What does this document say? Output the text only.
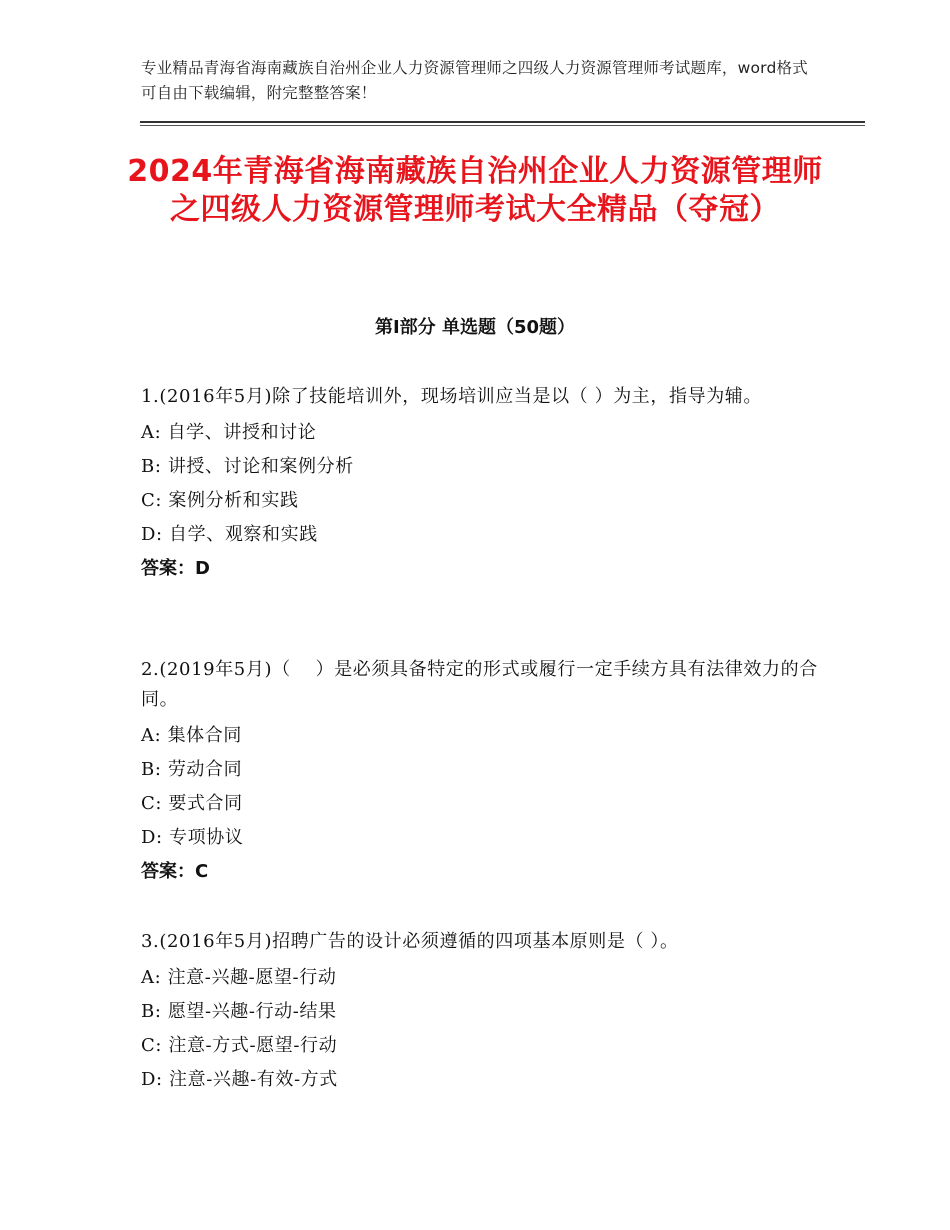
专业精品青海省海南藏族自治州企业人力资源管理师之四级人力资源管理师考试题库，word格式可自由下载编辑，附完整整答案！
2024年青海省海南藏族自治州企业人力资源管理师之四级人力资源管理师考试大全精品（夺冠）
第Ⅰ部分 单选题（50题）

1.(2016年5月)除了技能培训外，现场培训应当是以（ ）为主，指导为辅。

A: 自学、讲授和讨论

B: 讲授、讨论和案例分析

C: 案例分析和实践

D: 自学、观察和实践

答案：D

2.(2019年5月)（　 ）是必须具备特定的形式或履行一定手续方具有法律效力的合同。

A: 集体合同

B: 劳动合同

C: 要式合同

D: 专项协议

答案：C

3.(2016年5月)招聘广告的设计必须遵循的四项基本原则是（ ）。

A: 注意-兴趣-愿望-行动

B: 愿望-兴趣-行动-结果

C: 注意-方式-愿望-行动

D: 注意-兴趣-有效-方式
